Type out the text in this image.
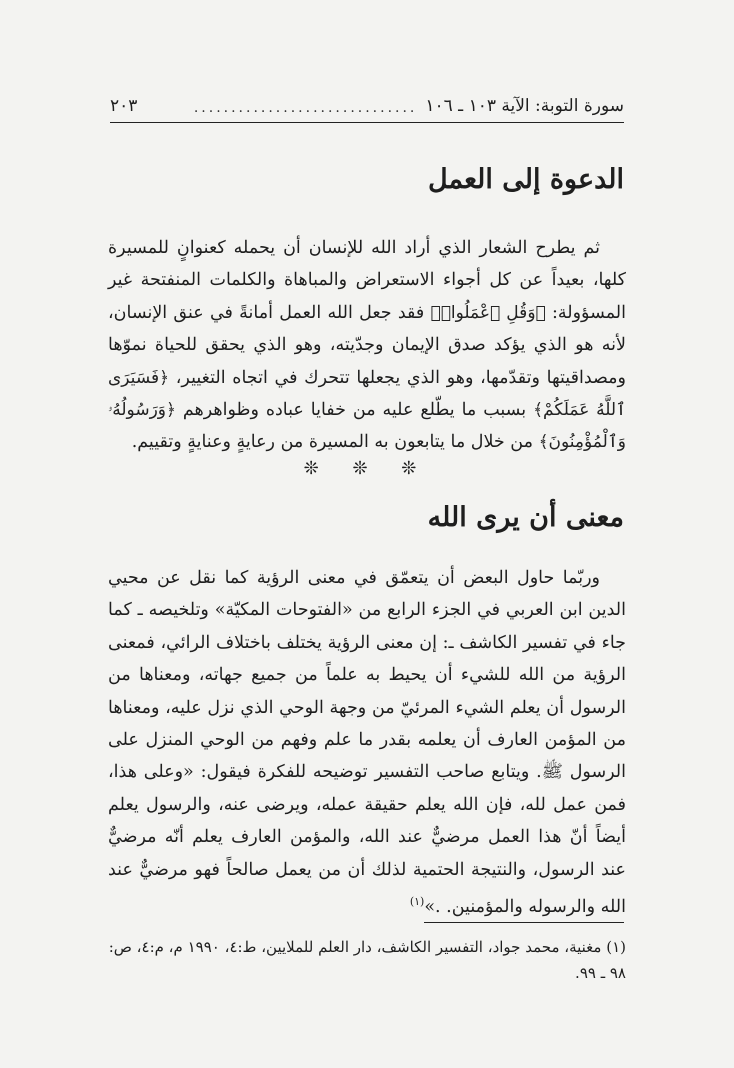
سورة التوبة: الآية ١٠٣ ـ ١٠٦
..............................
٢٠٣
الدعوة إلى العمل
ثم يطرح الشعار الذي أراد الله للإنسان أن يحمله كعنوانٍ للمسيرة كلها، بعيداً عن كل أجواء الاستعراض والمباهاة والكلمات المنفتحة غير المسؤولة: ﴿وَقُلِ ٱعْمَلُوا۟﴾ فقد جعل الله العمل أمانةً في عنق الإنسان، لأنه هو الذي يؤكد صدق الإيمان وجدّيته، وهو الذي يحقق للحياة نموّها ومصداقيتها وتقدّمها، وهو الذي يجعلها تتحرك في اتجاه التغيير، ﴿فَسَيَرَى ٱللَّهُ عَمَلَكُمْ﴾ بسبب ما يطّلع عليه من خفايا عباده وظواهرهم ﴿وَرَسُولُهُۥ وَٱلْمُؤْمِنُونَ﴾ من خلال ما يتابعون به المسيرة من رعايةٍ وعنايةٍ وتقييم.
❊ ❊ ❊
معنى أن يرى الله
وربّما حاول البعض أن يتعمّق في معنى الرؤية كما نقل عن محيي الدين ابن العربي في الجزء الرابع من «الفتوحات المكيّة» وتلخيصه ـ كما جاء في تفسير الكاشف ـ: إن معنى الرؤية يختلف باختلاف الرائي، فمعنى الرؤية من الله للشيء أن يحيط به علماً من جميع جهاته، ومعناها من الرسول أن يعلم الشيء المرئيّ من وجهة الوحي الذي نزل عليه، ومعناها من المؤمن العارف أن يعلمه بقدر ما علم وفهم من الوحي المنزل على الرسول ﷺ. ويتابع صاحب التفسير توضيحه للفكرة فيقول: «وعلى هذا، فمن عمل لله، فإن الله يعلم حقيقة عمله، ويرضى عنه، والرسول يعلم أيضاً أنّ هذا العمل مرضيٌّ عند الله، والمؤمن العارف يعلم أنّه مرضيٌّ عند الرسول، والنتيجة الحتمية لذلك أن من يعمل صالحاً فهو مرضيٌّ عند الله والرسوله والمؤمنين. .»$^{(١)}$
(١) مغنية، محمد جواد، التفسير الكاشف، دار العلم للملايين، ط:٤، ١٩٩٠ م، م:٤، ص: ٩٨ ـ ٩٩.
